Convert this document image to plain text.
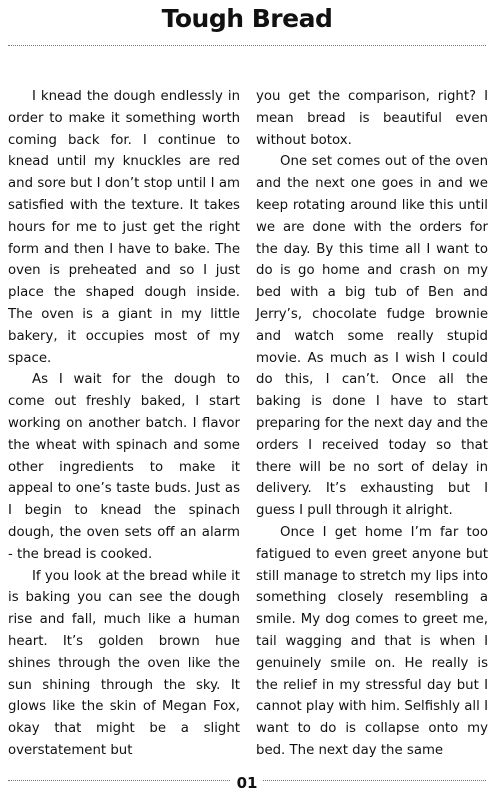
Tough Bread

I knead the dough endlessly in order to make it something worth coming back for. I continue to knead until my knuckles are red and sore but I don’t stop until I am satisfied with the texture. It takes hours for me to just get the right form and then I have to bake. The oven is preheated and so I just place the shaped dough inside. The oven is a giant in my little bakery, it occupies most of my space.

As I wait for the dough to come out freshly baked, I start working on another batch. I flavor the wheat with spinach and some other ingredients to make it appeal to one’s taste buds. Just as I begin to knead the spinach dough, the oven sets off an alarm - the bread is cooked.

If you look at the bread while it is baking you can see the dough rise and fall, much like a human heart. It’s golden brown hue shines through the oven like the sun shining through the sky. It glows like the skin of Megan Fox, okay that might be a slight overstatement but

you get the comparison, right? I mean bread is beautiful even without botox.

One set comes out of the oven and the next one goes in and we keep rotating around like this until we are done with the orders for the day. By this time all I want to do is go home and crash on my bed with a big tub of Ben and Jerry’s, chocolate fudge brownie and watch some really stupid movie. As much as I wish I could do this, I can’t. Once all the baking is done I have to start preparing for the next day and the orders I received today so that there will be no sort of delay in delivery. It’s exhausting but I guess I pull through it alright.

Once I get home I’m far too fatigued to even greet anyone but still manage to stretch my lips into something closely resembling a smile. My dog comes to greet me, tail wagging and that is when I genuinely smile on. He really is the relief in my stressful day but I cannot play with him. Selfishly all I want to do is collapse onto my bed. The next day the same

01
